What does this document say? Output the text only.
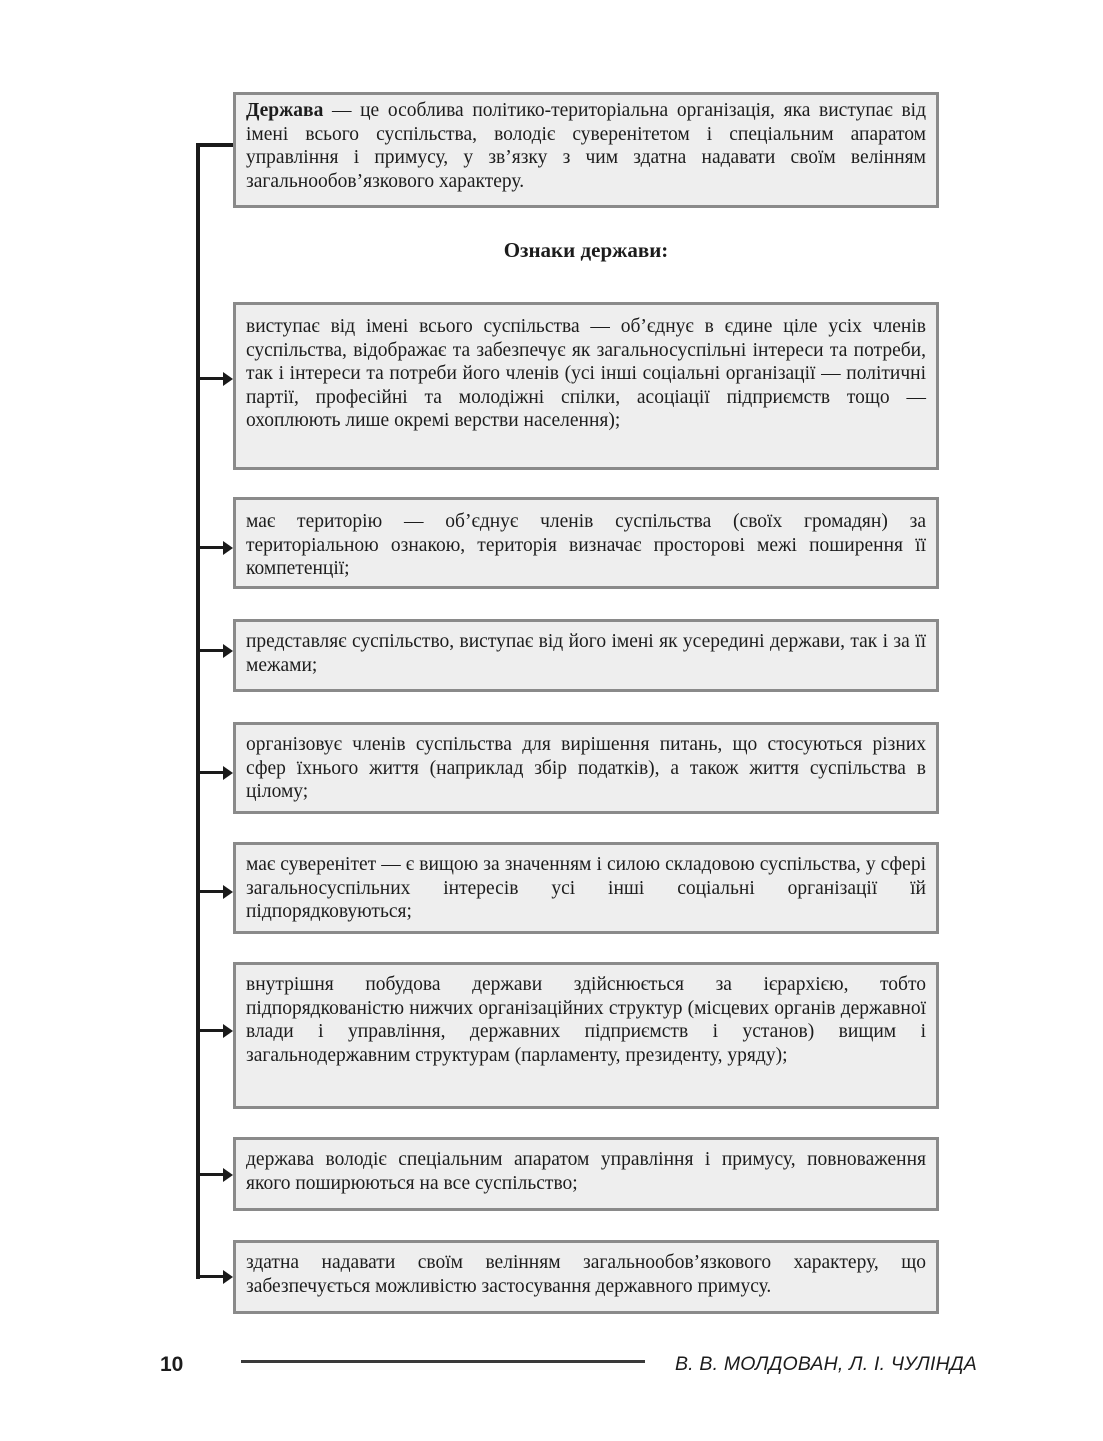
Держава — це особлива політико-територіальна організація, яка виступає від імені всього суспільства, володіє суверенітетом і спеціальним апаратом управління і примусу, у зв’язку з чим здатна надавати своїм велінням загальнообов’язкового характеру.
Ознаки держави:
виступає від імені всього суспільства — об’єднує в єдине ціле усіх членів суспільства, відображає та забезпечує як загальносуспільні інтереси та потреби, так і інтереси та потреби його членів (усі інші соціальні організації — політичні партії, професійні та молодіжні спілки, асоціації підприємств тощо — охоплюють лише окремі верстви населення);
має територію — об’єднує членів суспільства (своїх громадян) за територіальною ознакою, територія визначає просторові межі поширення її компетенції;
представляє суспільство, виступає від його імені як усередині держави, так і за її межами;
організовує членів суспільства для вирішення питань, що стосуються різних сфер їхнього життя (наприклад збір податків), а також життя суспільства в цілому;
має суверенітет — є вищою за значенням і силою складовою суспільства, у сфері загальносуспільних інтересів усі інші соціальні організації їй підпорядковуються;
внутрішня побудова держави здійснюється за ієрархією, тобто підпорядкованістю нижчих організаційних структур (місцевих органів державної влади і управління, державних підприємств і установ) вищим і загальнодержавним структурам (парламенту, президенту, уряду);
держава володіє спеціальним апаратом управління і примусу, повноваження якого поширюються на все суспільство;
здатна надавати своїм велінням загальнообов’язкового характеру, що забезпечується можливістю застосування державного примусу.
10	В. В. МОЛДОВАН, Л. І. ЧУЛІНДА
